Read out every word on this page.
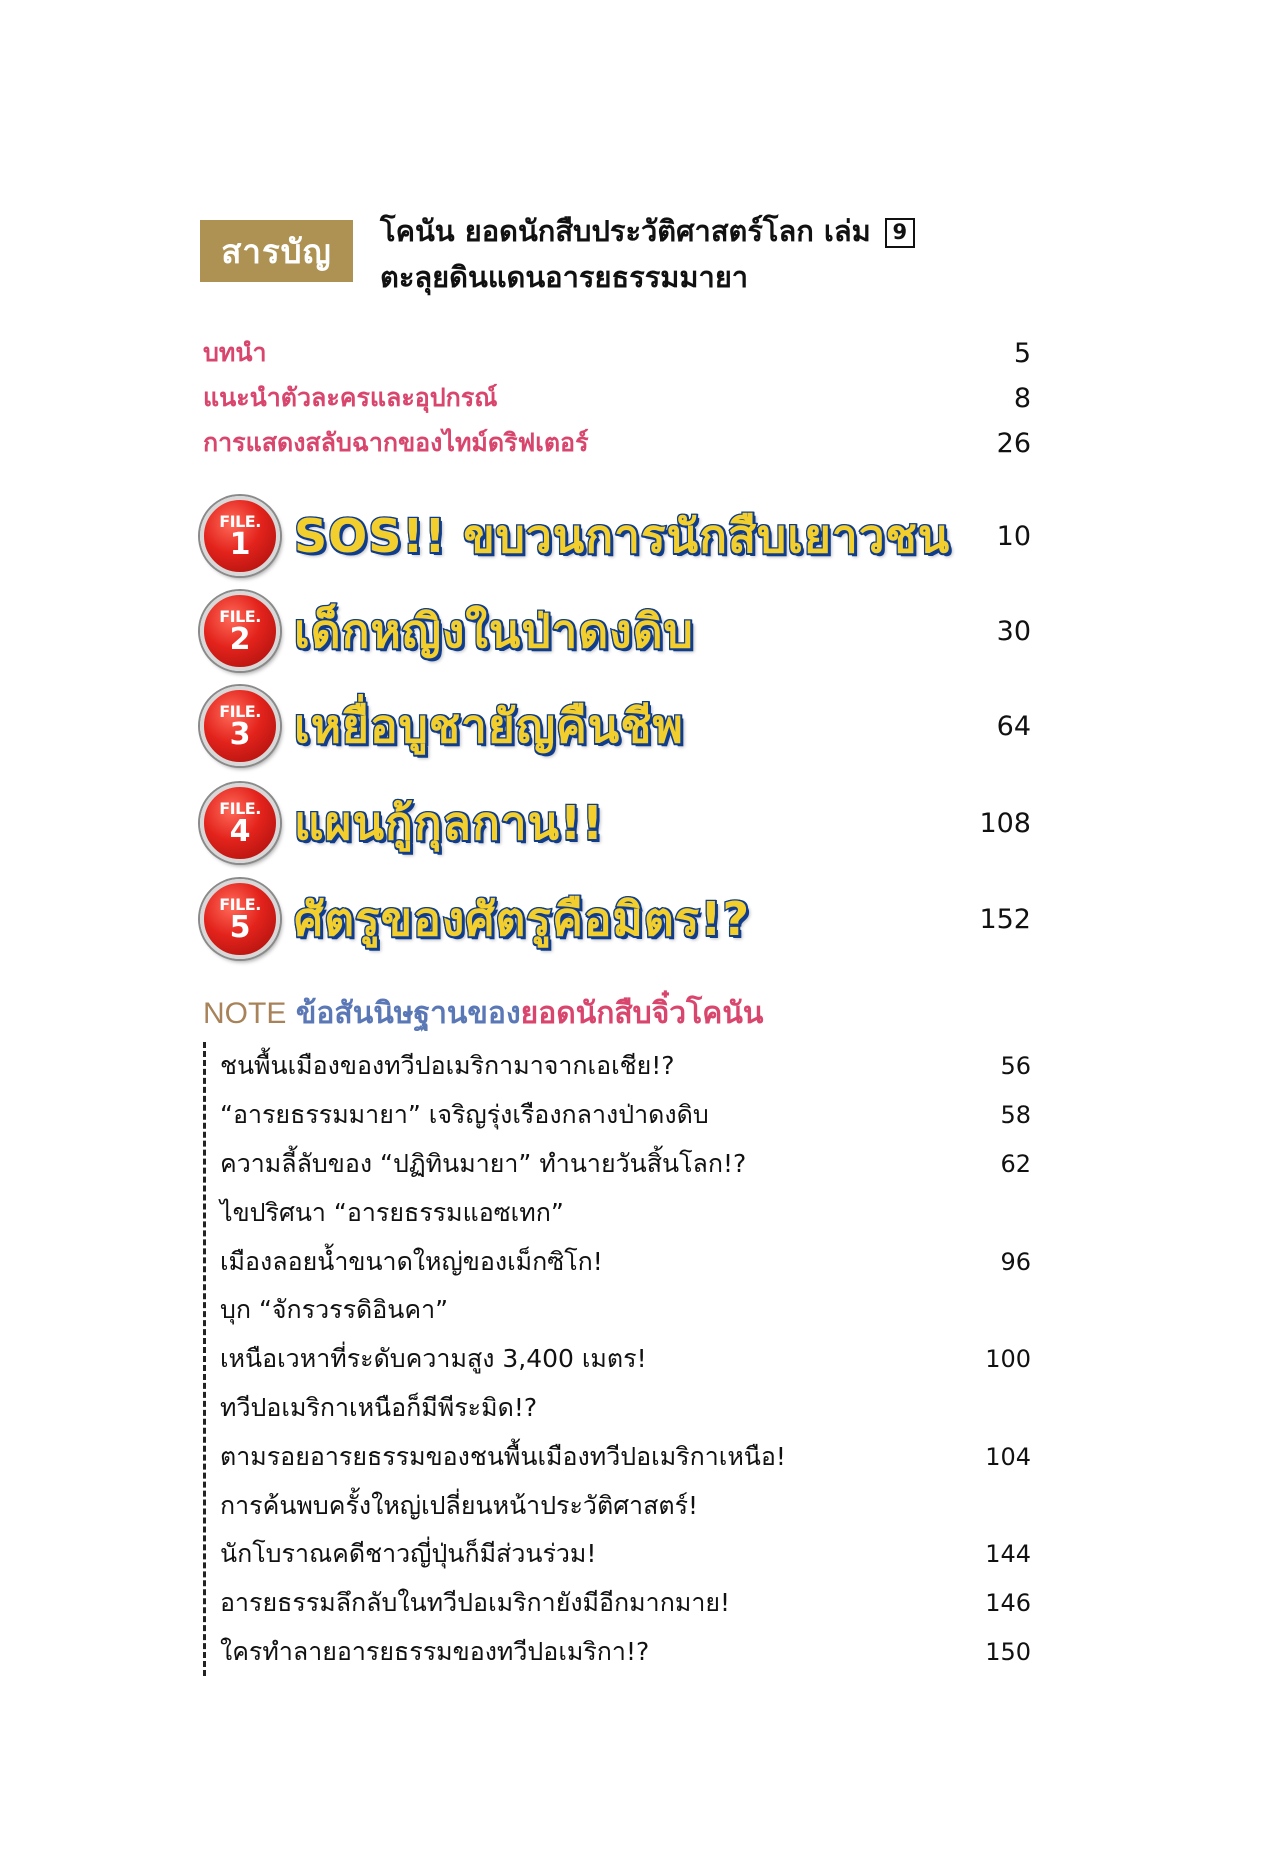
สารบัญ
โคนัน ยอดนักสืบประวัติศาสตร์โลก เล่ม 9
ตะลุยดินแดนอารยธรรมมายา
บทนำ	5
แนะนำตัวละครและอุปกรณ์	8
การแสดงสลับฉากของไทม์ดริฟเตอร์	26
FILE.
1 SOS!! ขบวนการนักสืบเยาวชน	10
FILE.
2 เด็กหญิงในป่าดงดิบ	30
FILE.
3 เหยื่อบูชายัญคืนชีพ	64
FILE.
4 แผนกู้กุลกาน!!	108
FILE.
5 ศัตรูของศัตรูคือมิตร!?	152
NOTE ข้อสันนิษฐานของยอดนักสืบจิ๋วโคนัน
ชนพื้นเมืองของทวีปอเมริกามาจากเอเชีย!?	56
“อารยธรรมมายา” เจริญรุ่งเรืองกลางป่าดงดิบ	58
ความลี้ลับของ “ปฏิทินมายา” ทำนายวันสิ้นโลก!?	62
ไขปริศนา “อารยธรรมแอซเทก”
เมืองลอยน้ำขนาดใหญ่ของเม็กซิโก!	96
บุก “จักรวรรดิอินคา”
เหนือเวหาที่ระดับความสูง 3,400 เมตร!	100
ทวีปอเมริกาเหนือก็มีพีระมิด!?
ตามรอยอารยธรรมของชนพื้นเมืองทวีปอเมริกาเหนือ!	104
การค้นพบครั้งใหญ่เปลี่ยนหน้าประวัติศาสตร์!
นักโบราณคดีชาวญี่ปุ่นก็มีส่วนร่วม!	144
อารยธรรมลึกลับในทวีปอเมริกายังมีอีกมากมาย!	146
ใครทำลายอารยธรรมของทวีปอเมริกา!?	150
